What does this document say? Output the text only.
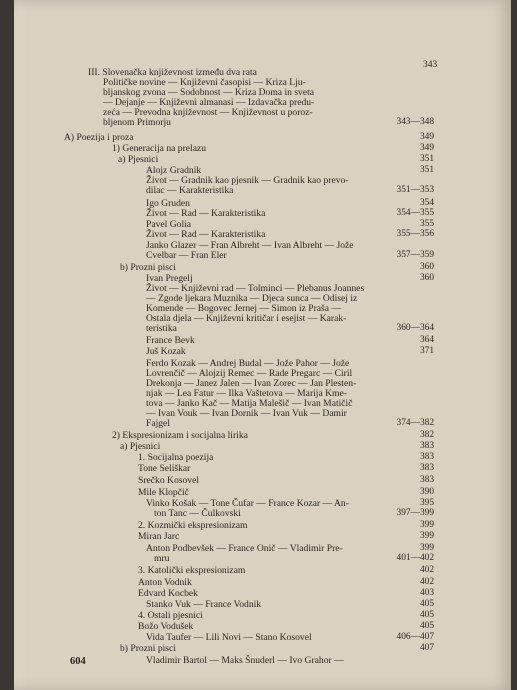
343
III. Slovenačka književnost između dva rata
Političke novine — Književni časopisi — Kriza Lju-
bljanskog zvona — Sodobnost — Kriza Doma in sveta
— Dejanje — Književni almanasi — Izdavačka predu-
zeća — Prevodna književnost — Književnost u poroz-
bljenom Primorju
A) Poezija i proza
1) Generacija na prelazu
a) Pjesnici
Alojz Gradnik
Život — Gradnik kao pjesnik — Gradnik kao prevo-
dilac — Karakteristika
Igo Gruden
Život — Rad — Karakteristika
Pavel Golia
Život — Rad — Karakteristika
Janko Glazer — Fran Albreht — Ivan Albreht — Jože
Cvelbar — Fran Eler
b) Prozni pisci
Ivan Pregelj
Život — Književni rad — Tolminci — Plebanus Joannes
— Zgode ljekara Muznika — Djeca sunca — Odisej iz
Komende — Bogovec Jernej — Simon iz Praša —
Ostala djela — Književni kritičar i esejist — Karak-
teristika
France Bevk
Juš Kozak
Ferdo Kozak — Andrej Budal — Jože Pahor — Jože
Lovrenčič — Alojzij Remec — Rade Pregarc — Ciril
Drekonja — Janez Jalen — Ivan Zorec — Jan Plesten-
njak — Lea Fatur — Ilka Vaštetova — Marija Kme-
tova — Janko Kač — Matija Malešič — Ivan Matičič
— Ivan Vouk — Ivan Dornik — Ivan Vuk — Damir
Fajgel
2) Ekspresionizam i socijalna lirika
a) Pjesnici
1. Socijalna poezija
Tone Seliškar
Srečko Kosovel
Mile Klopčič
Vinko Košak — Tone Čufar — France Kozar — An-
ton Tanc — Čulkovski
2. Kozmički ekspresionizam
Miran Jarc
Anton Podbevšek — France Onič — Vladimir Pre-
mru
3. Katolički ekspresionizam
Anton Vodnik
Edvard Kocbek
Stanko Vuk — France Vodnik
4. Ostali pjesnici
Božo Vodušek
Vida Taufer — Lili Novi — Stano Kosovel
b) Prozni pisci
Vladimir Bartol — Maks Šnuderl — Ivo Grahor —
343—348
349
349
351
351
351—353
354
354—355
355
355—356
357—359
360
360
360—364
364
371
374—382
382
383
383
383
383
390
395
397—399
399
399
399
401—402
402
402
403
405
405
405
406—407
407
604
